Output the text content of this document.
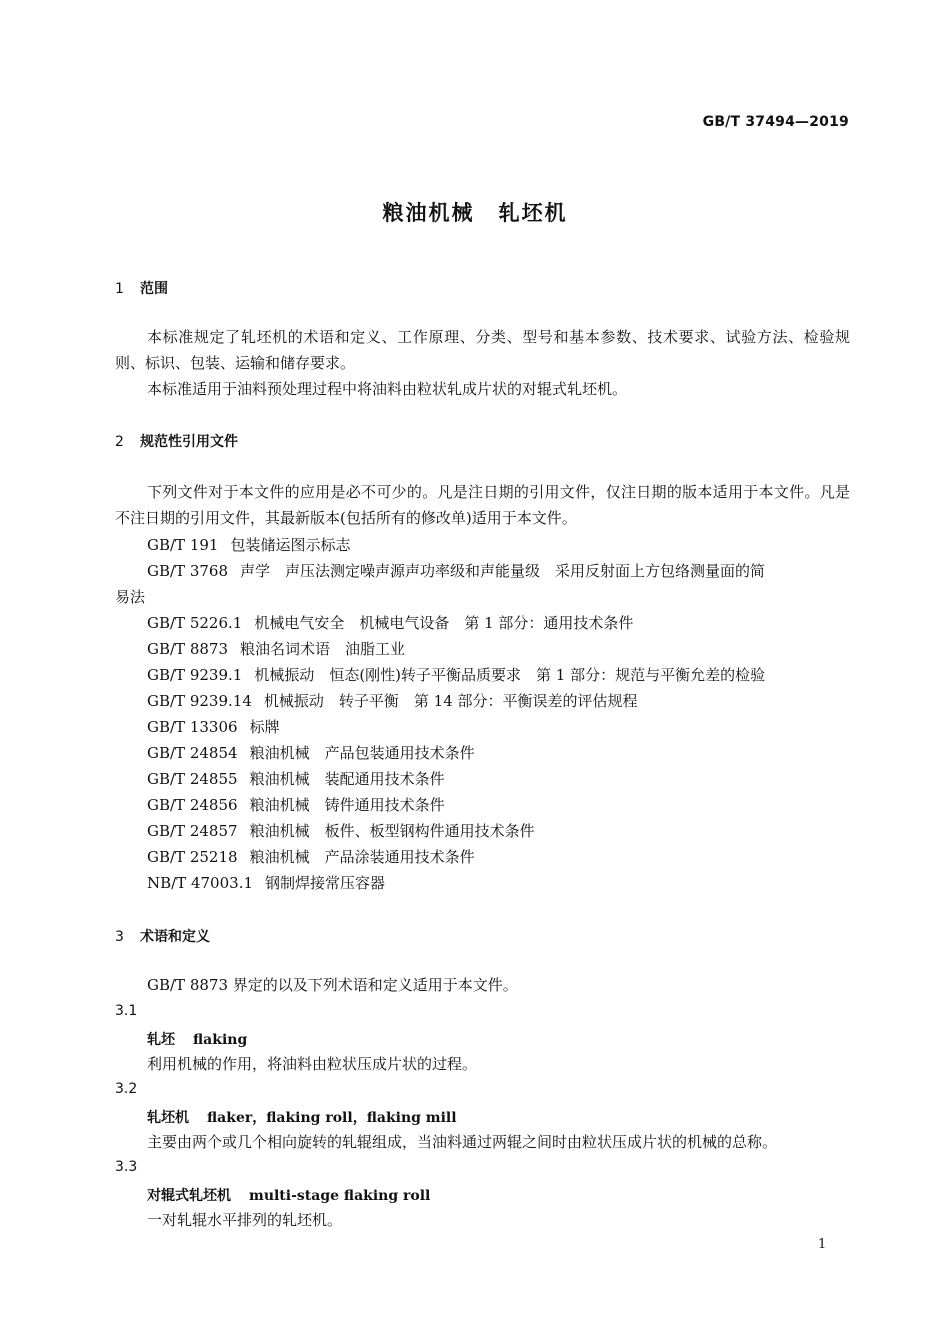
GB/T 37494—2019
粮油机械 轧坯机
1 范围
本标准规定了轧坯机的术语和定义、工作原理、分类、型号和基本参数、技术要求、试验方法、检验规则、标识、包装、运输和储存要求。
本标准适用于油料预处理过程中将油料由粒状轧成片状的对辊式轧坯机。
2 规范性引用文件
下列文件对于本文件的应用是必不可少的。凡是注日期的引用文件，仅注日期的版本适用于本文件。凡是不注日期的引用文件，其最新版本(包括所有的修改单)适用于本文件。
GB/T 191 包装储运图示标志
GB/T 3768 声学　声压法测定噪声源声功率级和声能量级　采用反射面上方包络测量面的简
易法
GB/T 5226.1 机械电气安全　机械电气设备　第 1 部分：通用技术条件
GB/T 8873 粮油名词术语　油脂工业
GB/T 9239.1 机械振动　恒态(刚性)转子平衡品质要求　第 1 部分：规范与平衡允差的检验
GB/T 9239.14 机械振动　转子平衡　第 14 部分：平衡误差的评估规程
GB/T 13306 标牌
GB/T 24854 粮油机械　产品包装通用技术条件
GB/T 24855 粮油机械　装配通用技术条件
GB/T 24856 粮油机械　铸件通用技术条件
GB/T 24857 粮油机械　板件、板型钢构件通用技术条件
GB/T 25218 粮油机械　产品涂装通用技术条件
NB/T 47003.1 钢制焊接常压容器
3 术语和定义
GB/T 8873 界定的以及下列术语和定义适用于本文件。
3.1
轧坯 flaking
利用机械的作用，将油料由粒状压成片状的过程。
3.2
轧坯机 flaker，flaking roll，flaking mill
主要由两个或几个相向旋转的轧辊组成，当油料通过两辊之间时由粒状压成片状的机械的总称。
3.3
对辊式轧坯机 multi-stage flaking roll
一对轧辊水平排列的轧坯机。
1
